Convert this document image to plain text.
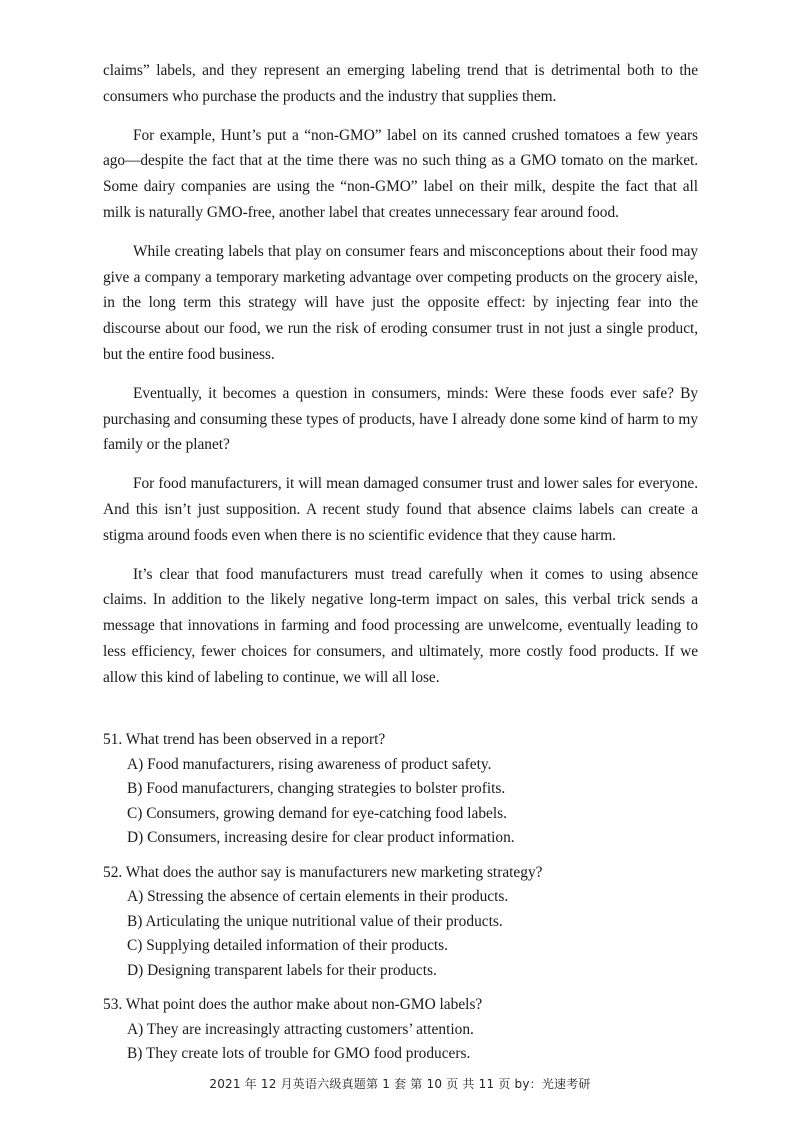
claims” labels, and they represent an emerging labeling trend that is detrimental both to the consumers who purchase the products and the industry that supplies them.

For example, Hunt’s put a “non-GMO” label on its canned crushed tomatoes a few years ago—despite the fact that at the time there was no such thing as a GMO tomato on the market. Some dairy companies are using the “non-GMO” label on their milk, despite the fact that all milk is naturally GMO-free, another label that creates unnecessary fear around food.

While creating labels that play on consumer fears and misconceptions about their food may give a company a temporary marketing advantage over competing products on the grocery aisle, in the long term this strategy will have just the opposite effect: by injecting fear into the discourse about our food, we run the risk of eroding consumer trust in not just a single product, but the entire food business.

Eventually, it becomes a question in consumers, minds: Were these foods ever safe? By purchasing and consuming these types of products, have I already done some kind of harm to my family or the planet?

For food manufacturers, it will mean damaged consumer trust and lower sales for everyone. And this isn’t just supposition. A recent study found that absence claims labels can create a stigma around foods even when there is no scientific evidence that they cause harm.

It’s clear that food manufacturers must tread carefully when it comes to using absence claims. In addition to the likely negative long-term impact on sales, this verbal trick sends a message that innovations in farming and food processing are unwelcome, eventually leading to less efficiency, fewer choices for consumers, and ultimately, more costly food products. If we allow this kind of labeling to continue, we will all lose.

51. What trend has been observed in a report?

A) Food manufacturers, rising awareness of product safety.

B) Food manufacturers, changing strategies to bolster profits.

C) Consumers, growing demand for eye-catching food labels.

D) Consumers, increasing desire for clear product information.

52. What does the author say is manufacturers new marketing strategy?

A) Stressing the absence of certain elements in their products.

B) Articulating the unique nutritional value of their products.

C) Supplying detailed information of their products.

D) Designing transparent labels for their products.

53. What point does the author make about non-GMO labels?

A) They are increasingly attracting customers’ attention.

B) They create lots of trouble for GMO food producers.

2021 年 12 月英语六级真题第 1 套 第 10 页 共 11 页 by：光速考研
